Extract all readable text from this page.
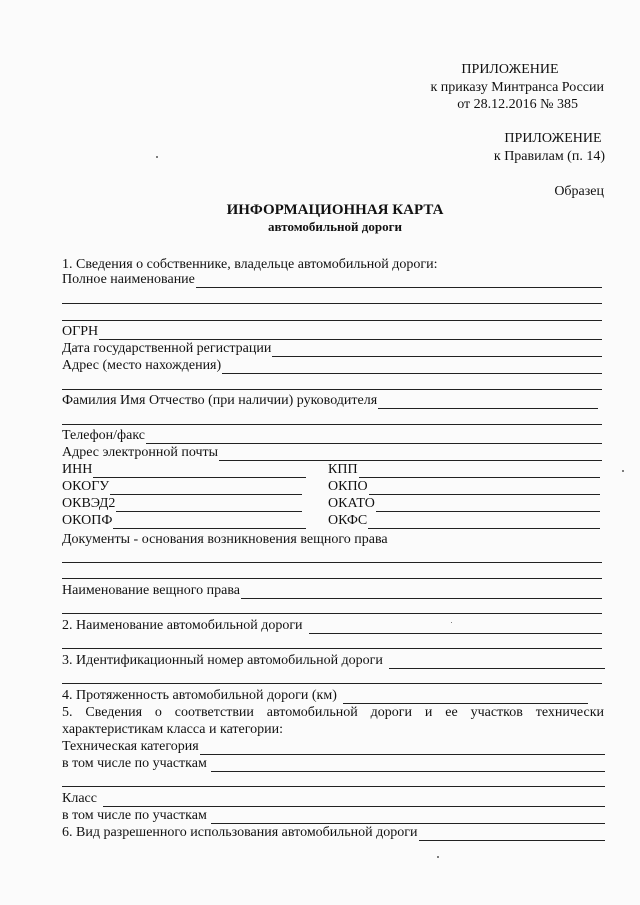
ПРИЛОЖЕНИЕ
к приказу Минтранса России
от 28.12.2016 № 385
ПРИЛОЖЕНИЕ
к Правилам (п. 14)
Образец
ИНФОРМАЦИОННАЯ КАРТА
автомобильной дороги
1. Сведения о собственнике, владельце автомобильной дороги:
Полное наименование
ОГРН
Дата государственной регистрации
Адрес (место нахождения)
Фамилия Имя Отчество (при наличии) руководителя
Телефон/факс
Адрес электронной почты
ИНН	КПП
ОКОГУ	ОКПО
ОКВЭД2	ОКАТО
ОКОПФ	ОКФС
Документы - основания возникновения вещного права
Наименование вещного права
2. Наименование автомобильной дороги
3. Идентификационный номер автомобильной дороги
4. Протяженность автомобильной дороги (км)
5. Сведения о соответствии автомобильной дороги и ее участков технически
характеристикам класса и категории:
Техническая категория
в том числе по участкам
Класс
в том числе по участкам
6. Вид разрешенного использования автомобильной дороги
